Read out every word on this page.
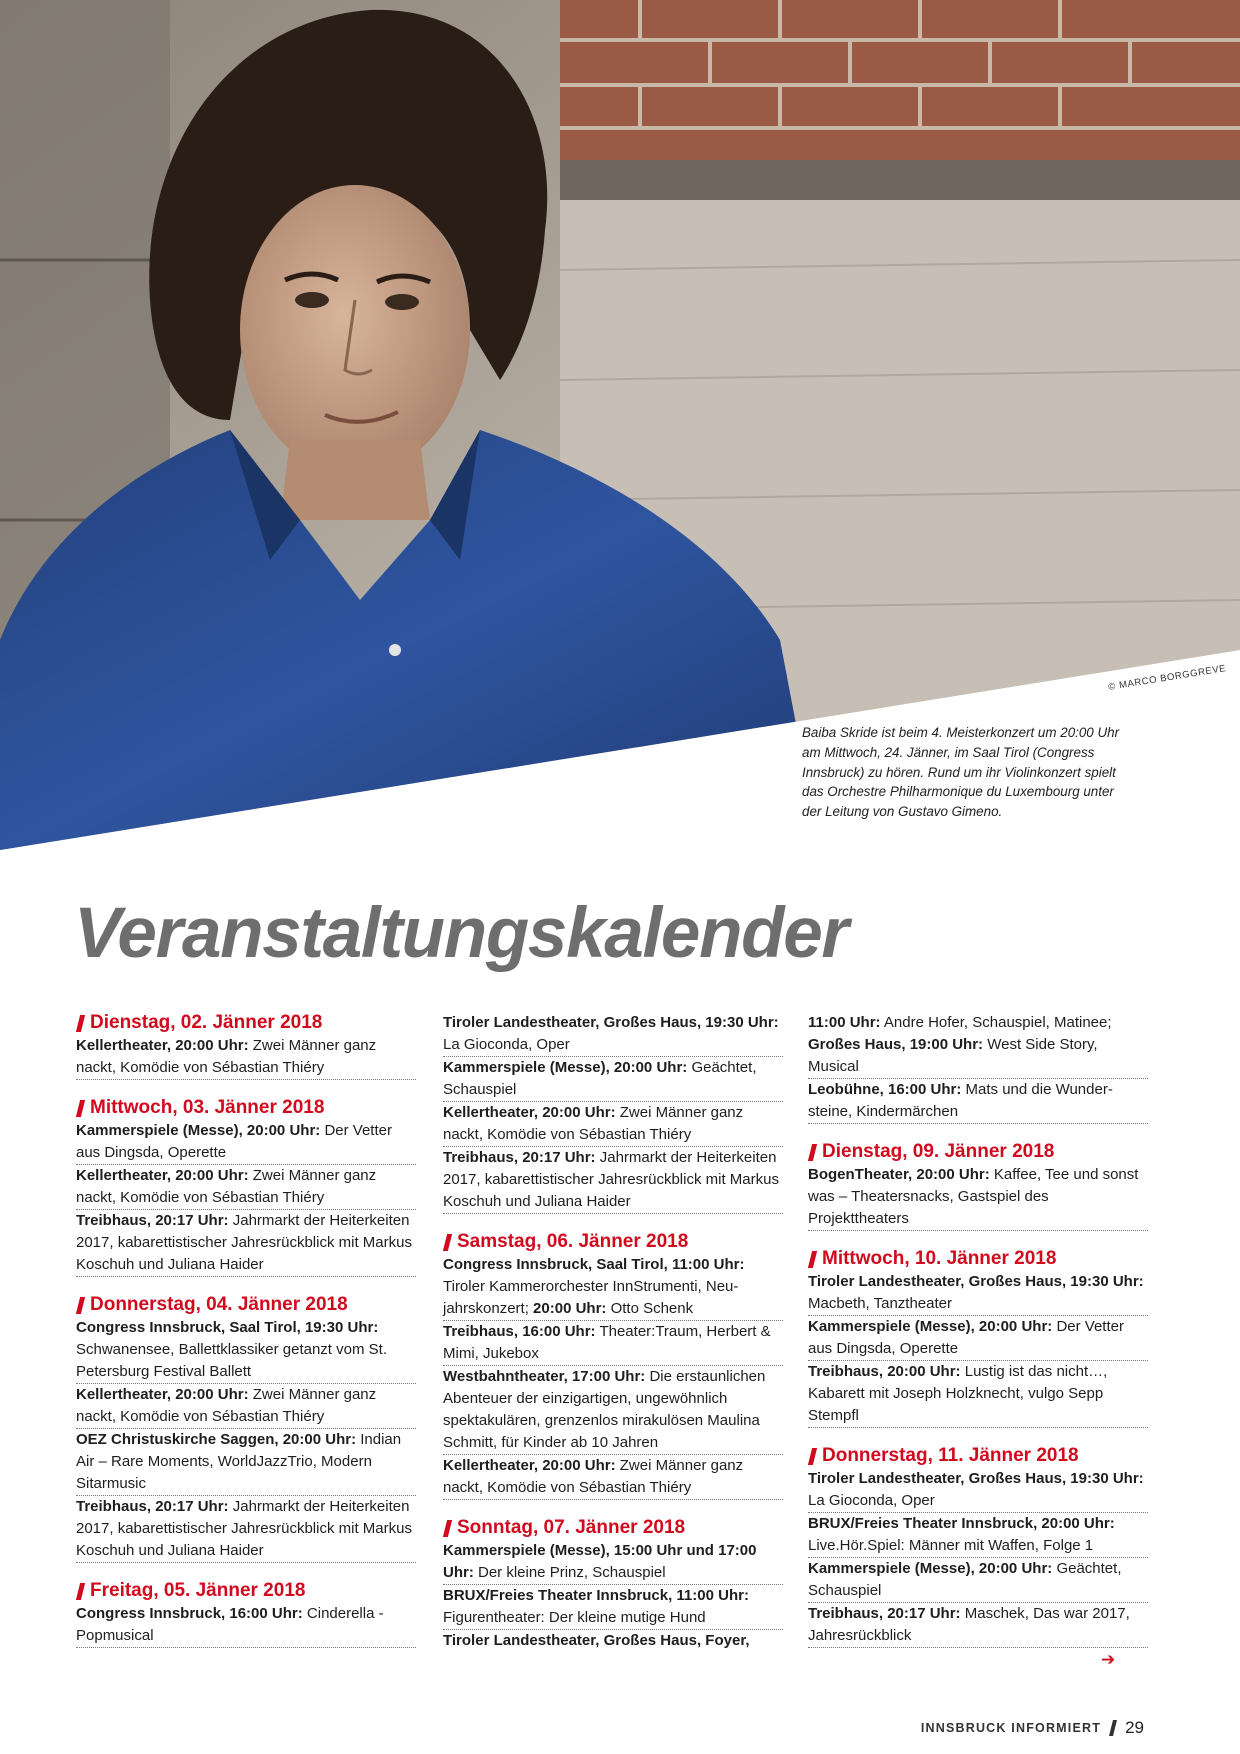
© MARCO BORGGREVE
Baiba Skride ist beim 4. Meisterkonzert um 20:00 Uhr am Mittwoch, 24. Jänner, im Saal Tirol (Congress Innsbruck) zu hören. Rund um ihr Violinkonzert spielt das Orchestre Philharmonique du Luxembourg unter der Leitung von Gustavo Gimeno.
Veranstaltungskalender
Dienstag, 02. Jänner 2018
Kellertheater, 20:00 Uhr: Zwei Männer ganz nackt, Komödie von Sébastian Thiéry
Mittwoch, 03. Jänner 2018
Kammerspiele (Messe), 20:00 Uhr: Der Vetter aus Dingsda, Operette
Kellertheater, 20:00 Uhr: Zwei Männer ganz nackt, Komödie von Sébastian Thiéry
Treibhaus, 20:17 Uhr: Jahrmarkt der Heiterkeiten 2017, kabarettistischer Jahresrückblick mit Markus Koschuh und Juliana Haider
Donnerstag, 04. Jänner 2018
Congress Innsbruck, Saal Tirol, 19:30 Uhr: Schwanensee, Ballettklassiker getanzt vom St. Petersburg Festival Ballett
Kellertheater, 20:00 Uhr: Zwei Männer ganz nackt, Komödie von Sébastian Thiéry
OEZ Christuskirche Saggen, 20:00 Uhr: Indian Air – Rare Moments, WorldJazzTrio, Modern Sitarmusic
Treibhaus, 20:17 Uhr: Jahrmarkt der Heiterkeiten 2017, kabarettistischer Jahresrückblick mit Markus Koschuh und Juliana Haider
Freitag, 05. Jänner 2018
Congress Innsbruck, 16:00 Uhr: Cinderella - Popmusical
Tiroler Landestheater, Großes Haus, 19:30 Uhr: La Gioconda, Oper
Kammerspiele (Messe), 20:00 Uhr: Geächtet, Schauspiel
Kellertheater, 20:00 Uhr: Zwei Männer ganz nackt, Komödie von Sébastian Thiéry
Treibhaus, 20:17 Uhr: Jahrmarkt der Heiterkeiten 2017, kabarettistischer Jahresrückblick mit Markus Koschuh und Juliana Haider
Samstag, 06. Jänner 2018
Congress Innsbruck, Saal Tirol, 11:00 Uhr: Tiroler Kammerorchester InnStrumenti, Neujahrskonzert; 20:00 Uhr: Otto Schenk
Treibhaus, 16:00 Uhr: Theater:Traum, Herbert & Mimi, Jukebox
Westbahntheater, 17:00 Uhr: Die erstaunlichen Abenteuer der einzigartigen, ungewöhnlich spektakulären, grenzenlos mirakulösen Maulina Schmitt, für Kinder ab 10 Jahren
Kellertheater, 20:00 Uhr: Zwei Männer ganz nackt, Komödie von Sébastian Thiéry
Sonntag, 07. Jänner 2018
Kammerspiele (Messe), 15:00 Uhr und 17:00 Uhr: Der kleine Prinz, Schauspiel
BRUX/Freies Theater Innsbruck, 11:00 Uhr: Figurentheater: Der kleine mutige Hund
Tiroler Landestheater, Großes Haus, Foyer,
11:00 Uhr: Andre Hofer, Schauspiel, Matinee; Großes Haus, 19:00 Uhr: West Side Story, Musical
Leobühne, 16:00 Uhr: Mats und die Wundersteine, Kindermärchen
Dienstag, 09. Jänner 2018
BogenTheater, 20:00 Uhr: Kaffee, Tee und sonst was – Theatersnacks, Gastspiel des Projekttheaters
Mittwoch, 10. Jänner 2018
Tiroler Landestheater, Großes Haus, 19:30 Uhr: Macbeth, Tanztheater
Kammerspiele (Messe), 20:00 Uhr: Der Vetter aus Dingsda, Operette
Treibhaus, 20:00 Uhr: Lustig ist das nicht…, Kabarett mit Joseph Holzknecht, vulgo Sepp Stempfl
Donnerstag, 11. Jänner 2018
Tiroler Landestheater, Großes Haus, 19:30 Uhr: La Gioconda, Oper
BRUX/Freies Theater Innsbruck, 20:00 Uhr: Live.Hör.Spiel: Männer mit Waffen, Folge 1
Kammerspiele (Messe), 20:00 Uhr: Geächtet, Schauspiel
Treibhaus, 20:17 Uhr: Maschek, Das war 2017, Jahresrückblick
➔
INNSBRUCK INFORMIERT 29
